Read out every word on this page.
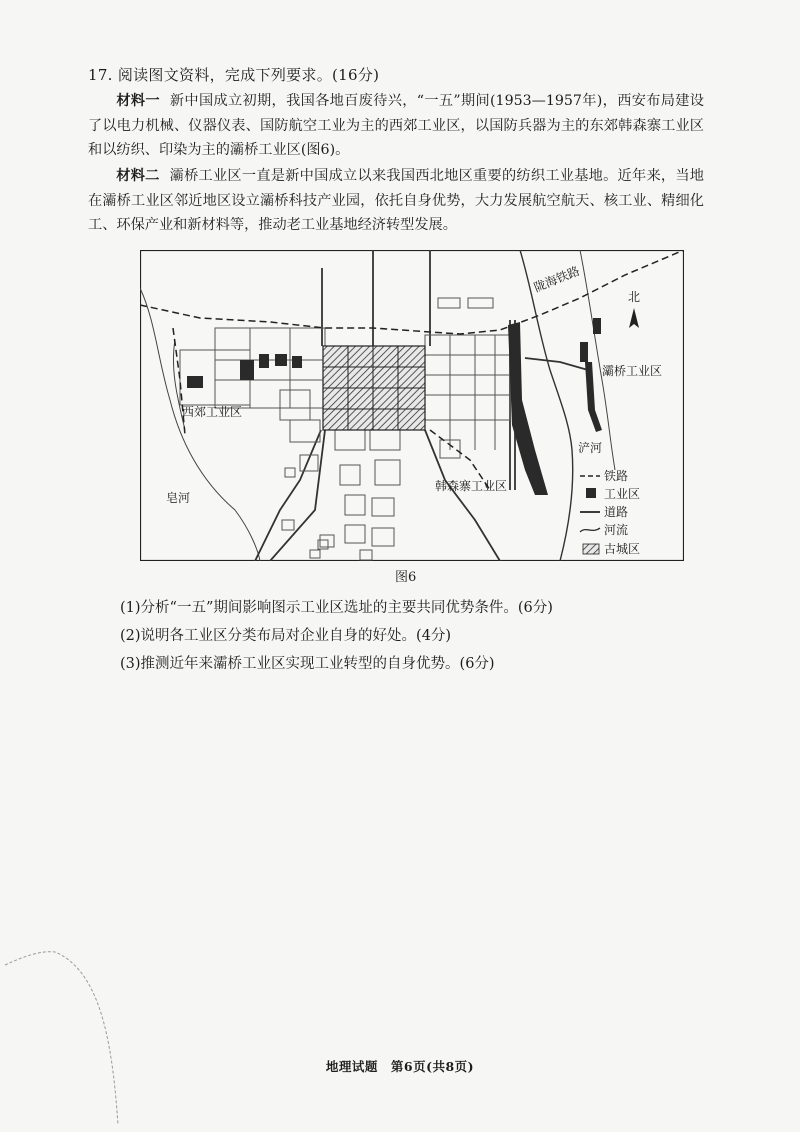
17. 阅读图文资料，完成下列要求。(16分)
材料一 新中国成立初期，我国各地百废待兴，“一五”期间(1953—1957年)，西安布局建设了以电力机械、仪器仪表、国防航空工业为主的西郊工业区，以国防兵器为主的东郊韩森寨工业区和以纺织、印染为主的灞桥工业区(图6)。
材料二 灞桥工业区一直是新中国成立以来我国西北地区重要的纺织工业基地。近年来，当地在灞桥工业区邻近地区设立灞桥科技产业园，依托自身优势，大力发展航空航天、核工业、精细化工、环保产业和新材料等，推动老工业基地经济转型发展。
北
陇海铁路
西郊工业区
韩森寨工业区
灞桥工业区
皂河
浐河
铁路
工业区
道路
河流
古城区
图6
(1)分析“一五”期间影响图示工业区选址的主要共同优势条件。(6分)
(2)说明各工业区分类布局对企业自身的好处。(4分)
(3)推测近年来灞桥工业区实现工业转型的自身优势。(6分)
地理试题　第6页(共8页)
